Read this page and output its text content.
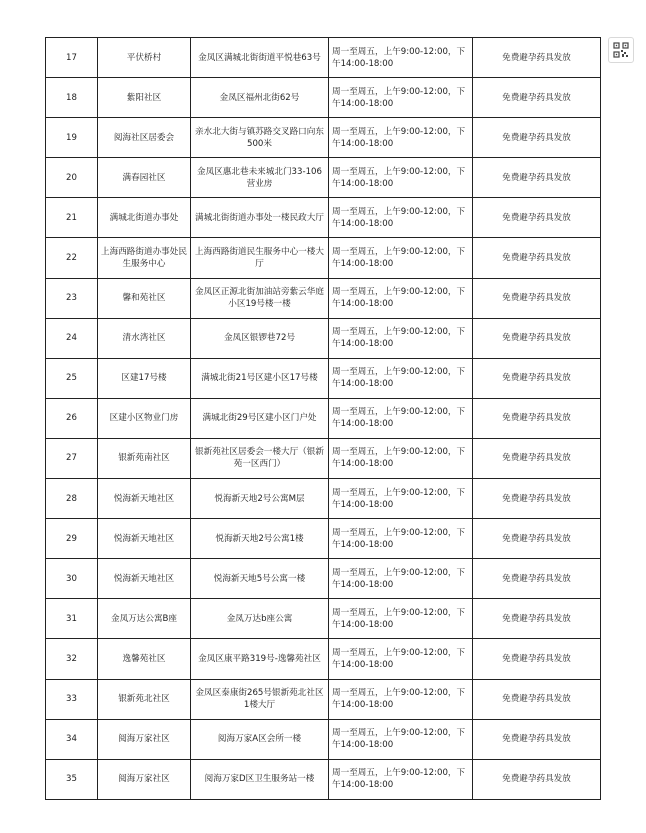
17	平伏桥村	金凤区满城北街街道平悦巷63号	周一至周五，上午9:00-12:00，下午14:00-18:00	免费避孕药具发放
18	紫阳社区	金凤区福州北街62号	周一至周五，上午9:00-12:00，下午14:00-18:00	免费避孕药具发放
19	阅海社区居委会	亲水北大街与镇苏路交叉路口向东500米	周一至周五，上午9:00-12:00，下午14:00-18:00	免费避孕药具发放
20	满春园社区	金凤区惠北巷未来城北门33-106营业房	周一至周五，上午9:00-12:00，下午14:00-18:00	免费避孕药具发放
21	满城北街道办事处	满城北街街道办事处一楼民政大厅	周一至周五，上午9:00-12:00，下午14:00-18:00	免费避孕药具发放
22	上海西路街道办事处民生服务中心	上海西路街道民生服务中心一楼大厅	周一至周五，上午9:00-12:00，下午14:00-18:00	免费避孕药具发放
23	馨和苑社区	金凤区正源北街加油站旁紫云华庭小区19号楼一楼	周一至周五，上午9:00-12:00，下午14:00-18:00	免费避孕药具发放
24	清水湾社区	金凤区银锣巷72号	周一至周五，上午9:00-12:00，下午14:00-18:00	免费避孕药具发放
25	区建17号楼	满城北街21号区建小区17号楼	周一至周五，上午9:00-12:00，下午14:00-18:00	免费避孕药具发放
26	区建小区物业门房	满城北街29号区建小区门户处	周一至周五，上午9:00-12:00，下午14:00-18:00	免费避孕药具发放
27	银新苑南社区	银新苑社区居委会一楼大厅（银新苑一区西门）	周一至周五，上午9:00-12:00，下午14:00-18:00	免费避孕药具发放
28	悦海新天地社区	悦海新天地2号公寓M层	周一至周五，上午9:00-12:00，下午14:00-18:00	免费避孕药具发放
29	悦海新天地社区	悦海新天地2号公寓1楼	周一至周五，上午9:00-12:00，下午14:00-18:00	免费避孕药具发放
30	悦海新天地社区	悦海新天地5号公寓一楼	周一至周五，上午9:00-12:00，下午14:00-18:00	免费避孕药具发放
31	金凤万达公寓B座	金凤万达b座公寓	周一至周五，上午9:00-12:00，下午14:00-18:00	免费避孕药具发放
32	逸馨苑社区	金凤区康平路319号-逸馨苑社区	周一至周五，上午9:00-12:00，下午14:00-18:00	免费避孕药具发放
33	银新苑北社区	金凤区泰康街265号银新苑北社区1楼大厅	周一至周五，上午9:00-12:00，下午14:00-18:00	免费避孕药具发放
34	阅海万家社区	阅海万家A区会所一楼	周一至周五，上午9:00-12:00，下午14:00-18:00	免费避孕药具发放
35	阅海万家社区	阅海万家D区卫生服务站一楼	周一至周五，上午9:00-12:00，下午14:00-18:00	免费避孕药具发放
